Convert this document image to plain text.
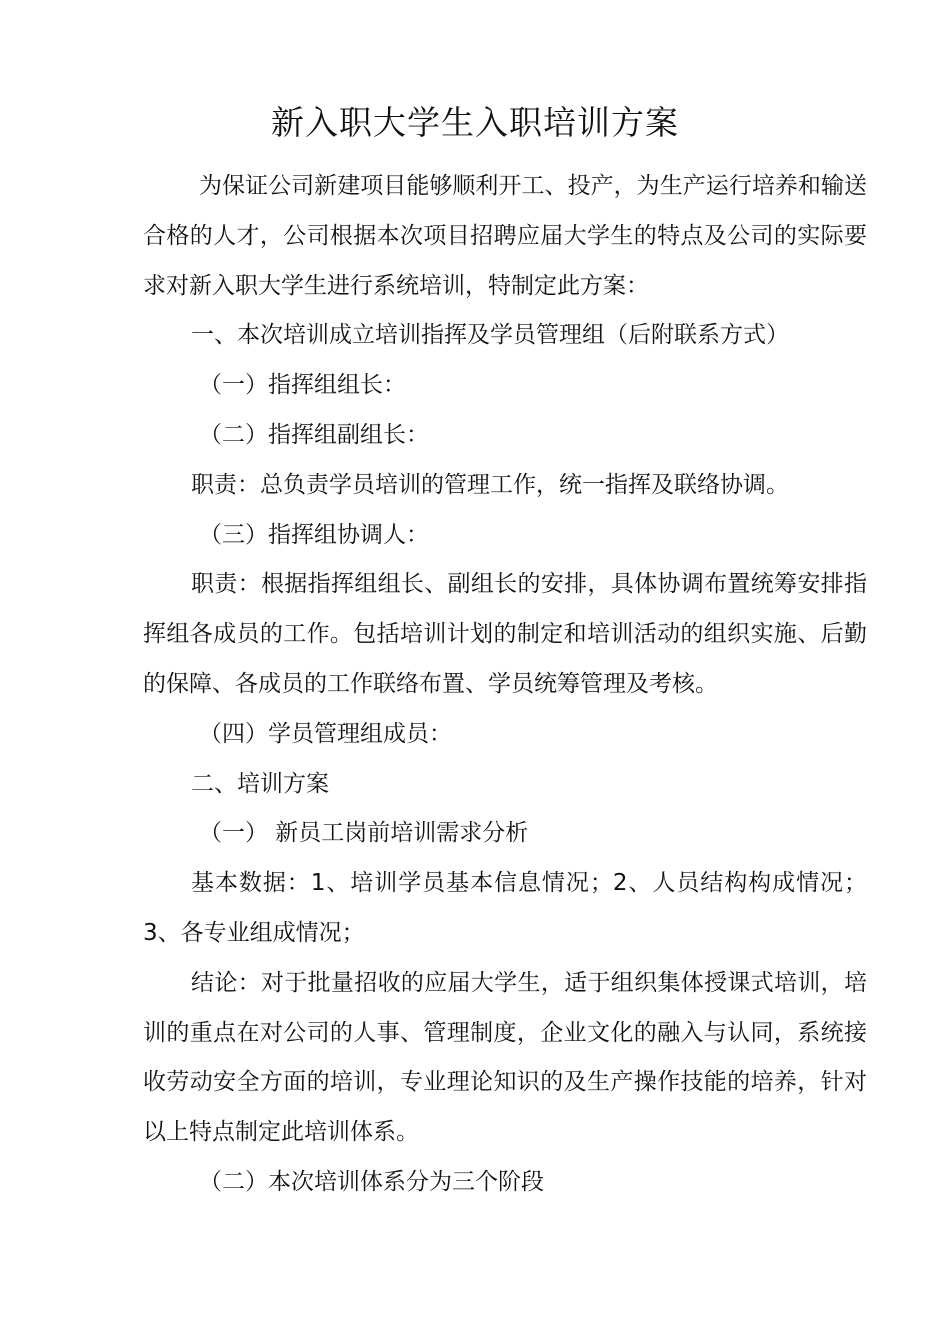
新入职大学生入职培训方案

为保证公司新建项目能够顺利开工、投产，为生产运行培养和输送合格的人才，公司根据本次项目招聘应届大学生的特点及公司的实际要求对新入职大学生进行系统培训，特制定此方案：

一、本次培训成立培训指挥及学员管理组（后附联系方式）

（一）指挥组组长：

（二）指挥组副组长：

职责：总负责学员培训的管理工作，统一指挥及联络协调。

（三）指挥组协调人：

职责：根据指挥组组长、副组长的安排，具体协调布置统筹安排指挥组各成员的工作。包括培训计划的制定和培训活动的组织实施、后勤的保障、各成员的工作联络布置、学员统筹管理及考核。

（四）学员管理组成员：

二、培训方案

（一） 新员工岗前培训需求分析

基本数据：1、培训学员基本信息情况；2、人员结构构成情况；3、各专业组成情况；

结论：对于批量招收的应届大学生，适于组织集体授课式培训，培训的重点在对公司的人事、管理制度，企业文化的融入与认同，系统接收劳动安全方面的培训，专业理论知识的及生产操作技能的培养，针对以上特点制定此培训体系。

（二）本次培训体系分为三个阶段
